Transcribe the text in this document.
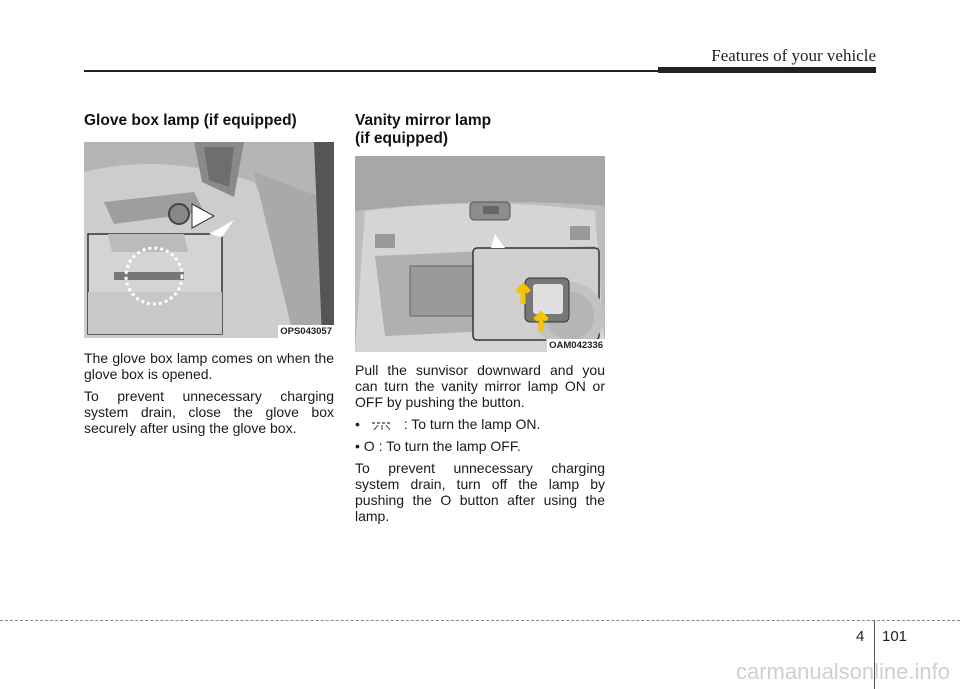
Features of your vehicle
Glove box lamp (if equipped)
OPS043057

The glove box lamp comes on when the glove box is opened.

To prevent unnecessary charging system drain, close the glove box securely after using the glove box.

Vanity mirror lamp
(if equipped)
OAM042336

Pull the sunvisor downward and you can turn the vanity mirror lamp ON or OFF by pushing the button.

•	: To turn the lamp ON.
• O : To turn the lamp OFF.

To prevent unnecessary charging system drain, turn off the lamp by pushing the O button after using the lamp.

4 101
carmanualsonline.info
